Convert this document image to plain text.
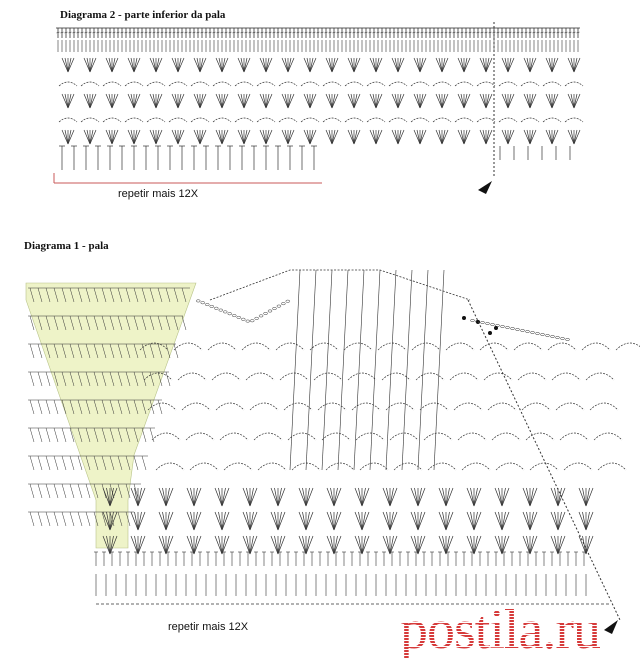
Diagrama 2 - parte inferior da pala
repetir mais 12X
Diagrama 1 - pala
repetir mais 12X	postila.ru
